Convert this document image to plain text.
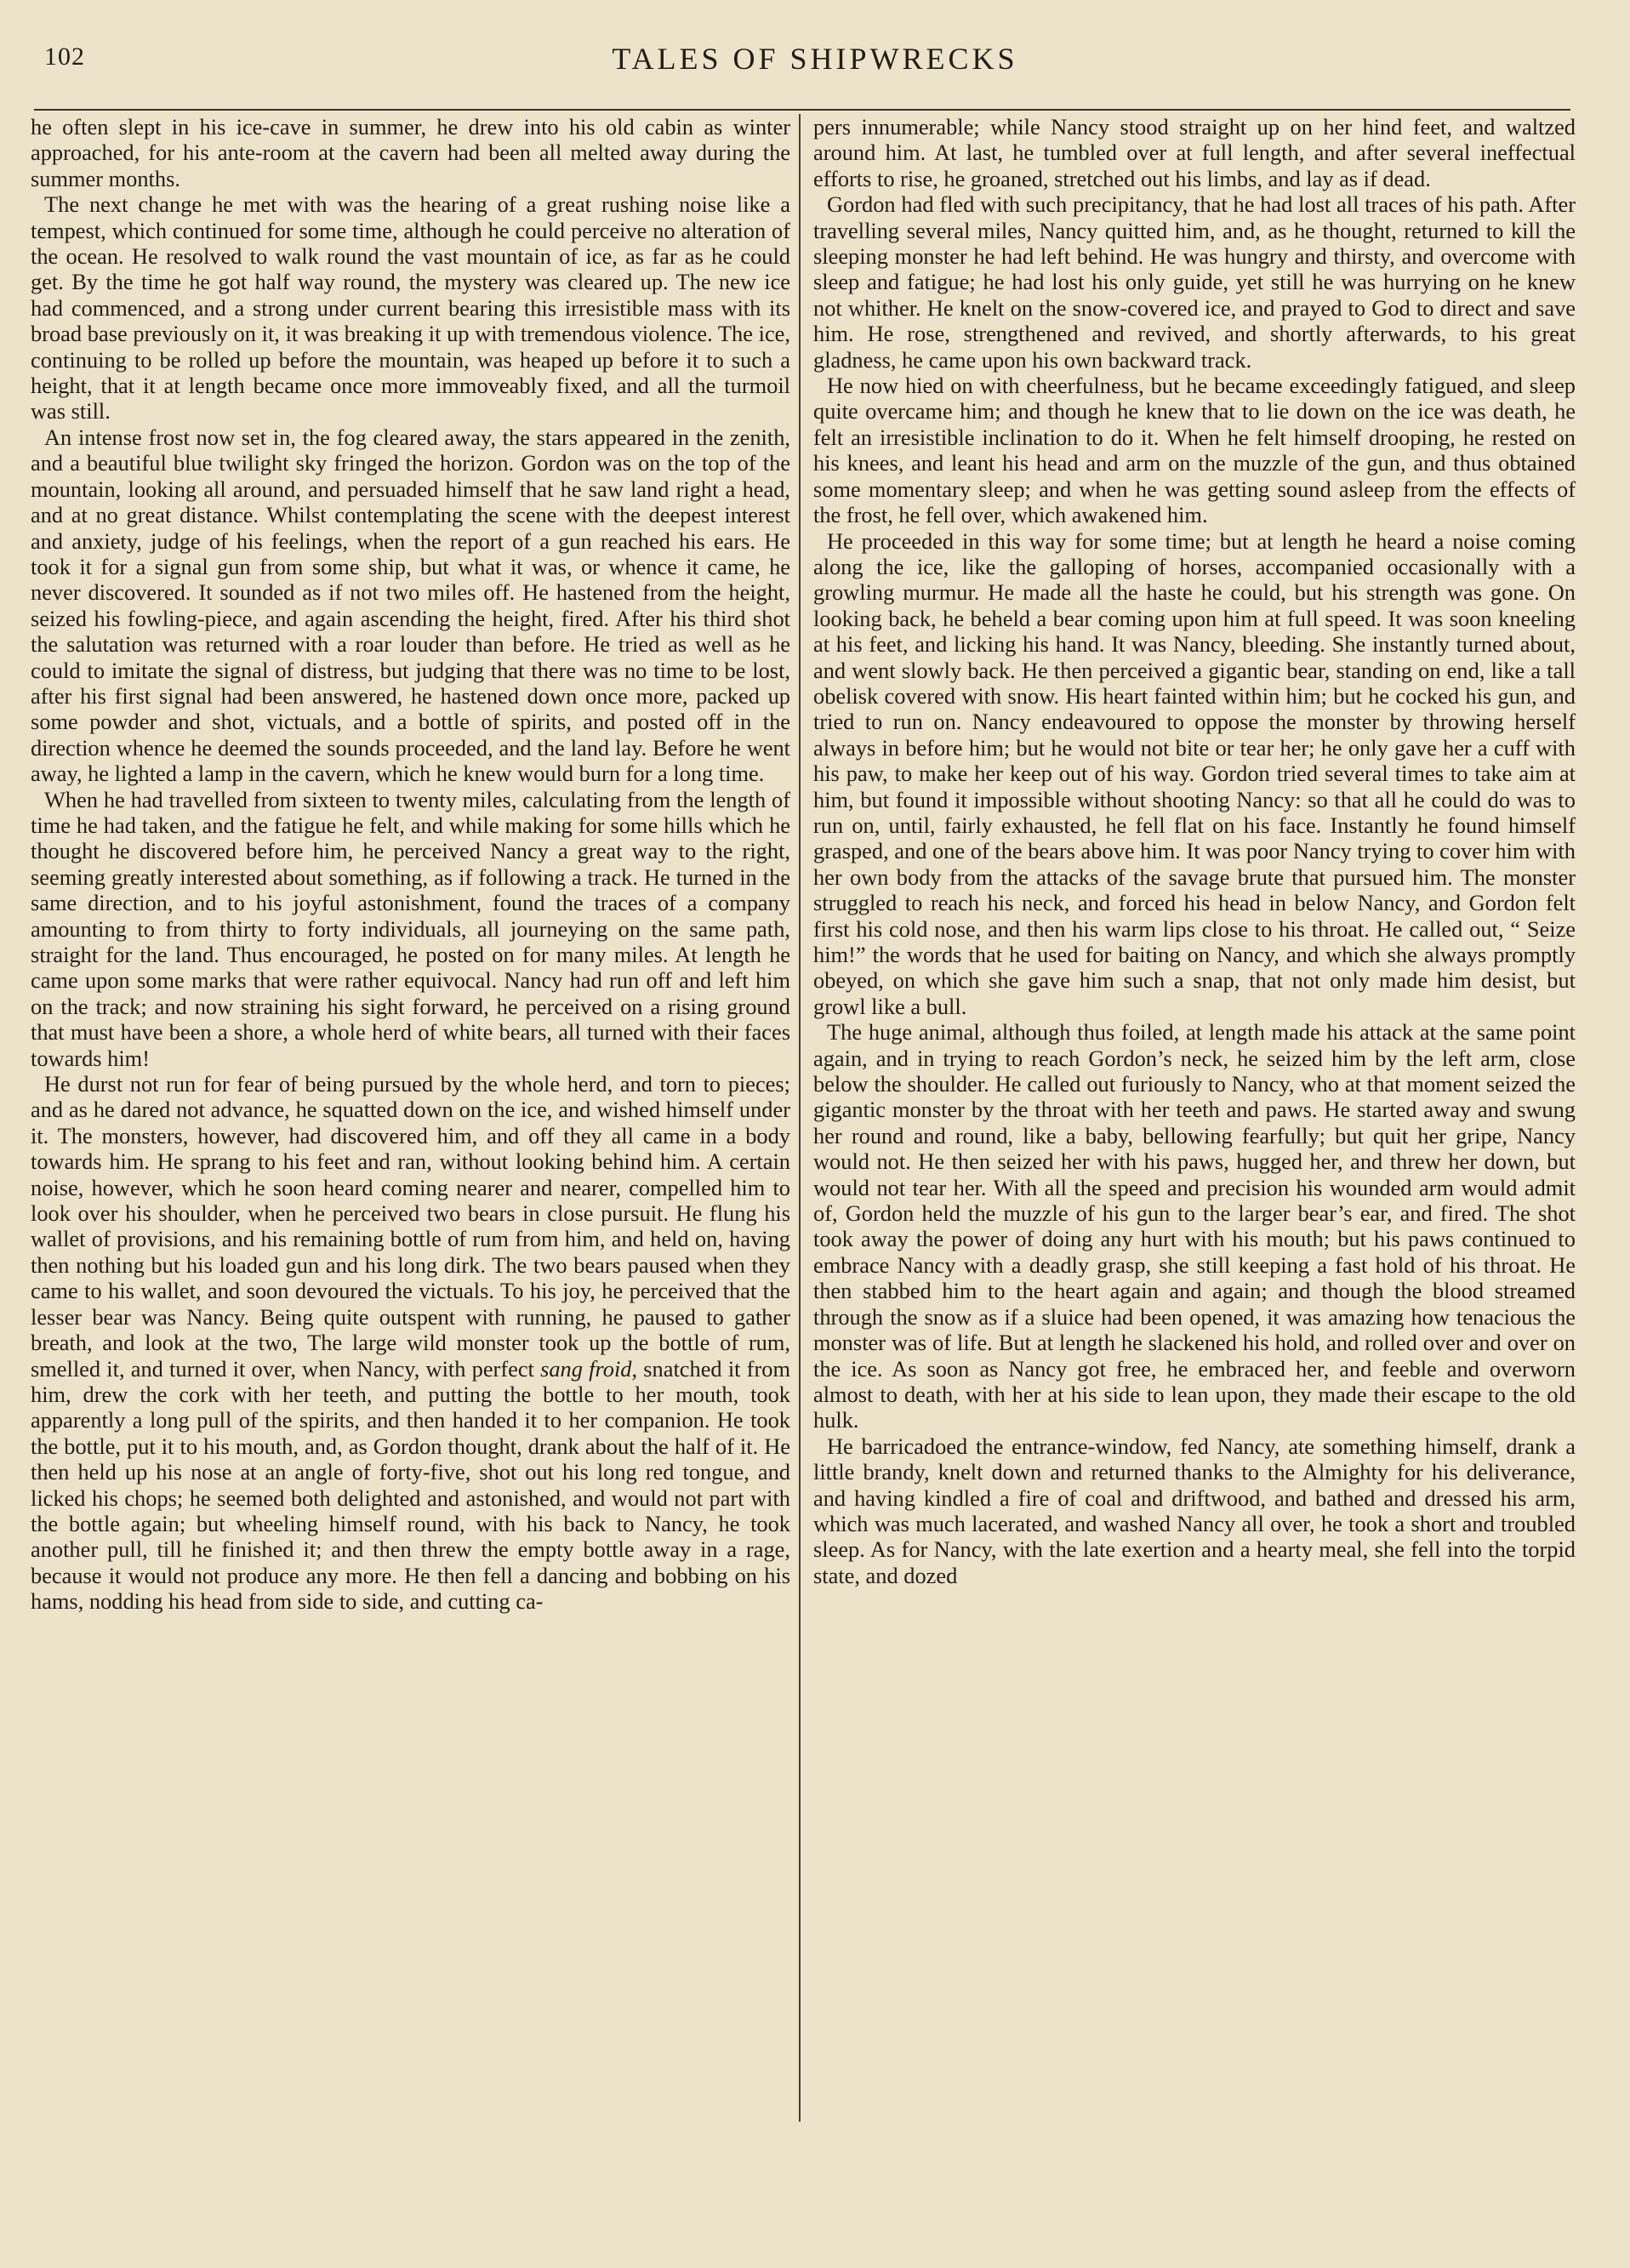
102	TALES OF SHIPWRECKS

he often slept in his ice-cave in summer, he drew into his old cabin as winter approached, for his ante-room at the cavern had been all melted away during the summer months.

The next change he met with was the hearing of a great rushing noise like a tempest, which continued for some time, although he could perceive no alteration of the ocean. He resolved to walk round the vast mountain of ice, as far as he could get. By the time he got half way round, the mystery was cleared up. The new ice had commenced, and a strong under current bearing this irresistible mass with its broad base previously on it, it was breaking it up with tremendous violence. The ice, continuing to be rolled up before the mountain, was heaped up before it to such a height, that it at length became once more immoveably fixed, and all the turmoil was still.

An intense frost now set in, the fog cleared away, the stars appeared in the zenith, and a beautiful blue twilight sky fringed the horizon. Gordon was on the top of the mountain, looking all around, and persuaded himself that he saw land right a head, and at no great distance. Whilst contemplating the scene with the deepest interest and anxiety, judge of his feelings, when the report of a gun reached his ears. He took it for a signal gun from some ship, but what it was, or whence it came, he never discovered. It sounded as if not two miles off. He hastened from the height, seized his fowling-piece, and again ascending the height, fired. After his third shot the salutation was returned with a roar louder than before. He tried as well as he could to imitate the signal of distress, but judging that there was no time to be lost, after his first signal had been answered, he hastened down once more, packed up some powder and shot, victuals, and a bottle of spirits, and posted off in the direction whence he deemed the sounds proceeded, and the land lay. Before he went away, he lighted a lamp in the cavern, which he knew would burn for a long time.

When he had travelled from sixteen to twenty miles, calculating from the length of time he had taken, and the fatigue he felt, and while making for some hills which he thought he discovered before him, he perceived Nancy a great way to the right, seeming greatly interested about something, as if following a track. He turned in the same direction, and to his joyful astonishment, found the traces of a company amounting to from thirty to forty individuals, all journeying on the same path, straight for the land. Thus encouraged, he posted on for many miles. At length he came upon some marks that were rather equivocal. Nancy had run off and left him on the track; and now straining his sight forward, he perceived on a rising ground that must have been a shore, a whole herd of white bears, all turned with their faces towards him!

He durst not run for fear of being pursued by the whole herd, and torn to pieces; and as he dared not advance, he squatted down on the ice, and wished himself under it. The monsters, however, had discovered him, and off they all came in a body towards him. He sprang to his feet and ran, without looking behind him. A certain noise, however, which he soon heard coming nearer and nearer, compelled him to look over his shoulder, when he perceived two bears in close pursuit. He flung his wallet of provisions, and his remaining bottle of rum from him, and held on, having then nothing but his loaded gun and his long dirk. The two bears paused when they came to his wallet, and soon devoured the victuals. To his joy, he perceived that the lesser bear was Nancy. Being quite outspent with running, he paused to gather breath, and look at the two, The large wild monster took up the bottle of rum, smelled it, and turned it over, when Nancy, with perfect sang froid, snatched it from him, drew the cork with her teeth, and putting the bottle to her mouth, took apparently a long pull of the spirits, and then handed it to her companion. He took the bottle, put it to his mouth, and, as Gordon thought, drank about the half of it. He then held up his nose at an angle of forty-five, shot out his long red tongue, and licked his chops; he seemed both delighted and astonished, and would not part with the bottle again; but wheeling himself round, with his back to Nancy, he took another pull, till he finished it; and then threw the empty bottle away in a rage, because it would not produce any more. He then fell a dancing and bobbing on his hams, nodding his head from side to side, and cutting ca-

pers innumerable; while Nancy stood straight up on her hind feet, and waltzed around him. At last, he tumbled over at full length, and after several ineffectual efforts to rise, he groaned, stretched out his limbs, and lay as if dead.

Gordon had fled with such precipitancy, that he had lost all traces of his path. After travelling several miles, Nancy quitted him, and, as he thought, returned to kill the sleeping monster he had left behind. He was hungry and thirsty, and overcome with sleep and fatigue; he had lost his only guide, yet still he was hurrying on he knew not whither. He knelt on the snow-covered ice, and prayed to God to direct and save him. He rose, strengthened and revived, and shortly afterwards, to his great gladness, he came upon his own backward track.

He now hied on with cheerfulness, but he became exceedingly fatigued, and sleep quite overcame him; and though he knew that to lie down on the ice was death, he felt an irresistible inclination to do it. When he felt himself drooping, he rested on his knees, and leant his head and arm on the muzzle of the gun, and thus obtained some momentary sleep; and when he was getting sound asleep from the effects of the frost, he fell over, which awakened him.

He proceeded in this way for some time; but at length he heard a noise coming along the ice, like the galloping of horses, accompanied occasionally with a growling murmur. He made all the haste he could, but his strength was gone. On looking back, he beheld a bear coming upon him at full speed. It was soon kneeling at his feet, and licking his hand. It was Nancy, bleeding. She instantly turned about, and went slowly back. He then perceived a gigantic bear, standing on end, like a tall obelisk covered with snow. His heart fainted within him; but he cocked his gun, and tried to run on. Nancy endeavoured to oppose the monster by throwing herself always in before him; but he would not bite or tear her; he only gave her a cuff with his paw, to make her keep out of his way. Gordon tried several times to take aim at him, but found it impossible without shooting Nancy: so that all he could do was to run on, until, fairly exhausted, he fell flat on his face. Instantly he found himself grasped, and one of the bears above him. It was poor Nancy trying to cover him with her own body from the attacks of the savage brute that pursued him. The monster struggled to reach his neck, and forced his head in below Nancy, and Gordon felt first his cold nose, and then his warm lips close to his throat. He called out, “ Seize him!” the words that he used for baiting on Nancy, and which she always promptly obeyed, on which she gave him such a snap, that not only made him desist, but growl like a bull.

The huge animal, although thus foiled, at length made his attack at the same point again, and in trying to reach Gordon’s neck, he seized him by the left arm, close below the shoulder. He called out furiously to Nancy, who at that moment seized the gigantic monster by the throat with her teeth and paws. He started away and swung her round and round, like a baby, bellowing fearfully; but quit her gripe, Nancy would not. He then seized her with his paws, hugged her, and threw her down, but would not tear her. With all the speed and precision his wounded arm would admit of, Gordon held the muzzle of his gun to the larger bear’s ear, and fired. The shot took away the power of doing any hurt with his mouth; but his paws continued to embrace Nancy with a deadly grasp, she still keeping a fast hold of his throat. He then stabbed him to the heart again and again; and though the blood streamed through the snow as if a sluice had been opened, it was amazing how tenacious the monster was of life. But at length he slackened his hold, and rolled over and over on the ice. As soon as Nancy got free, he embraced her, and feeble and overworn almost to death, with her at his side to lean upon, they made their escape to the old hulk.

He barricadoed the entrance-window, fed Nancy, ate something himself, drank a little brandy, knelt down and returned thanks to the Almighty for his deliverance, and having kindled a fire of coal and driftwood, and bathed and dressed his arm, which was much lacerated, and washed Nancy all over, he took a short and troubled sleep. As for Nancy, with the late exertion and a hearty meal, she fell into the torpid state, and dozed
